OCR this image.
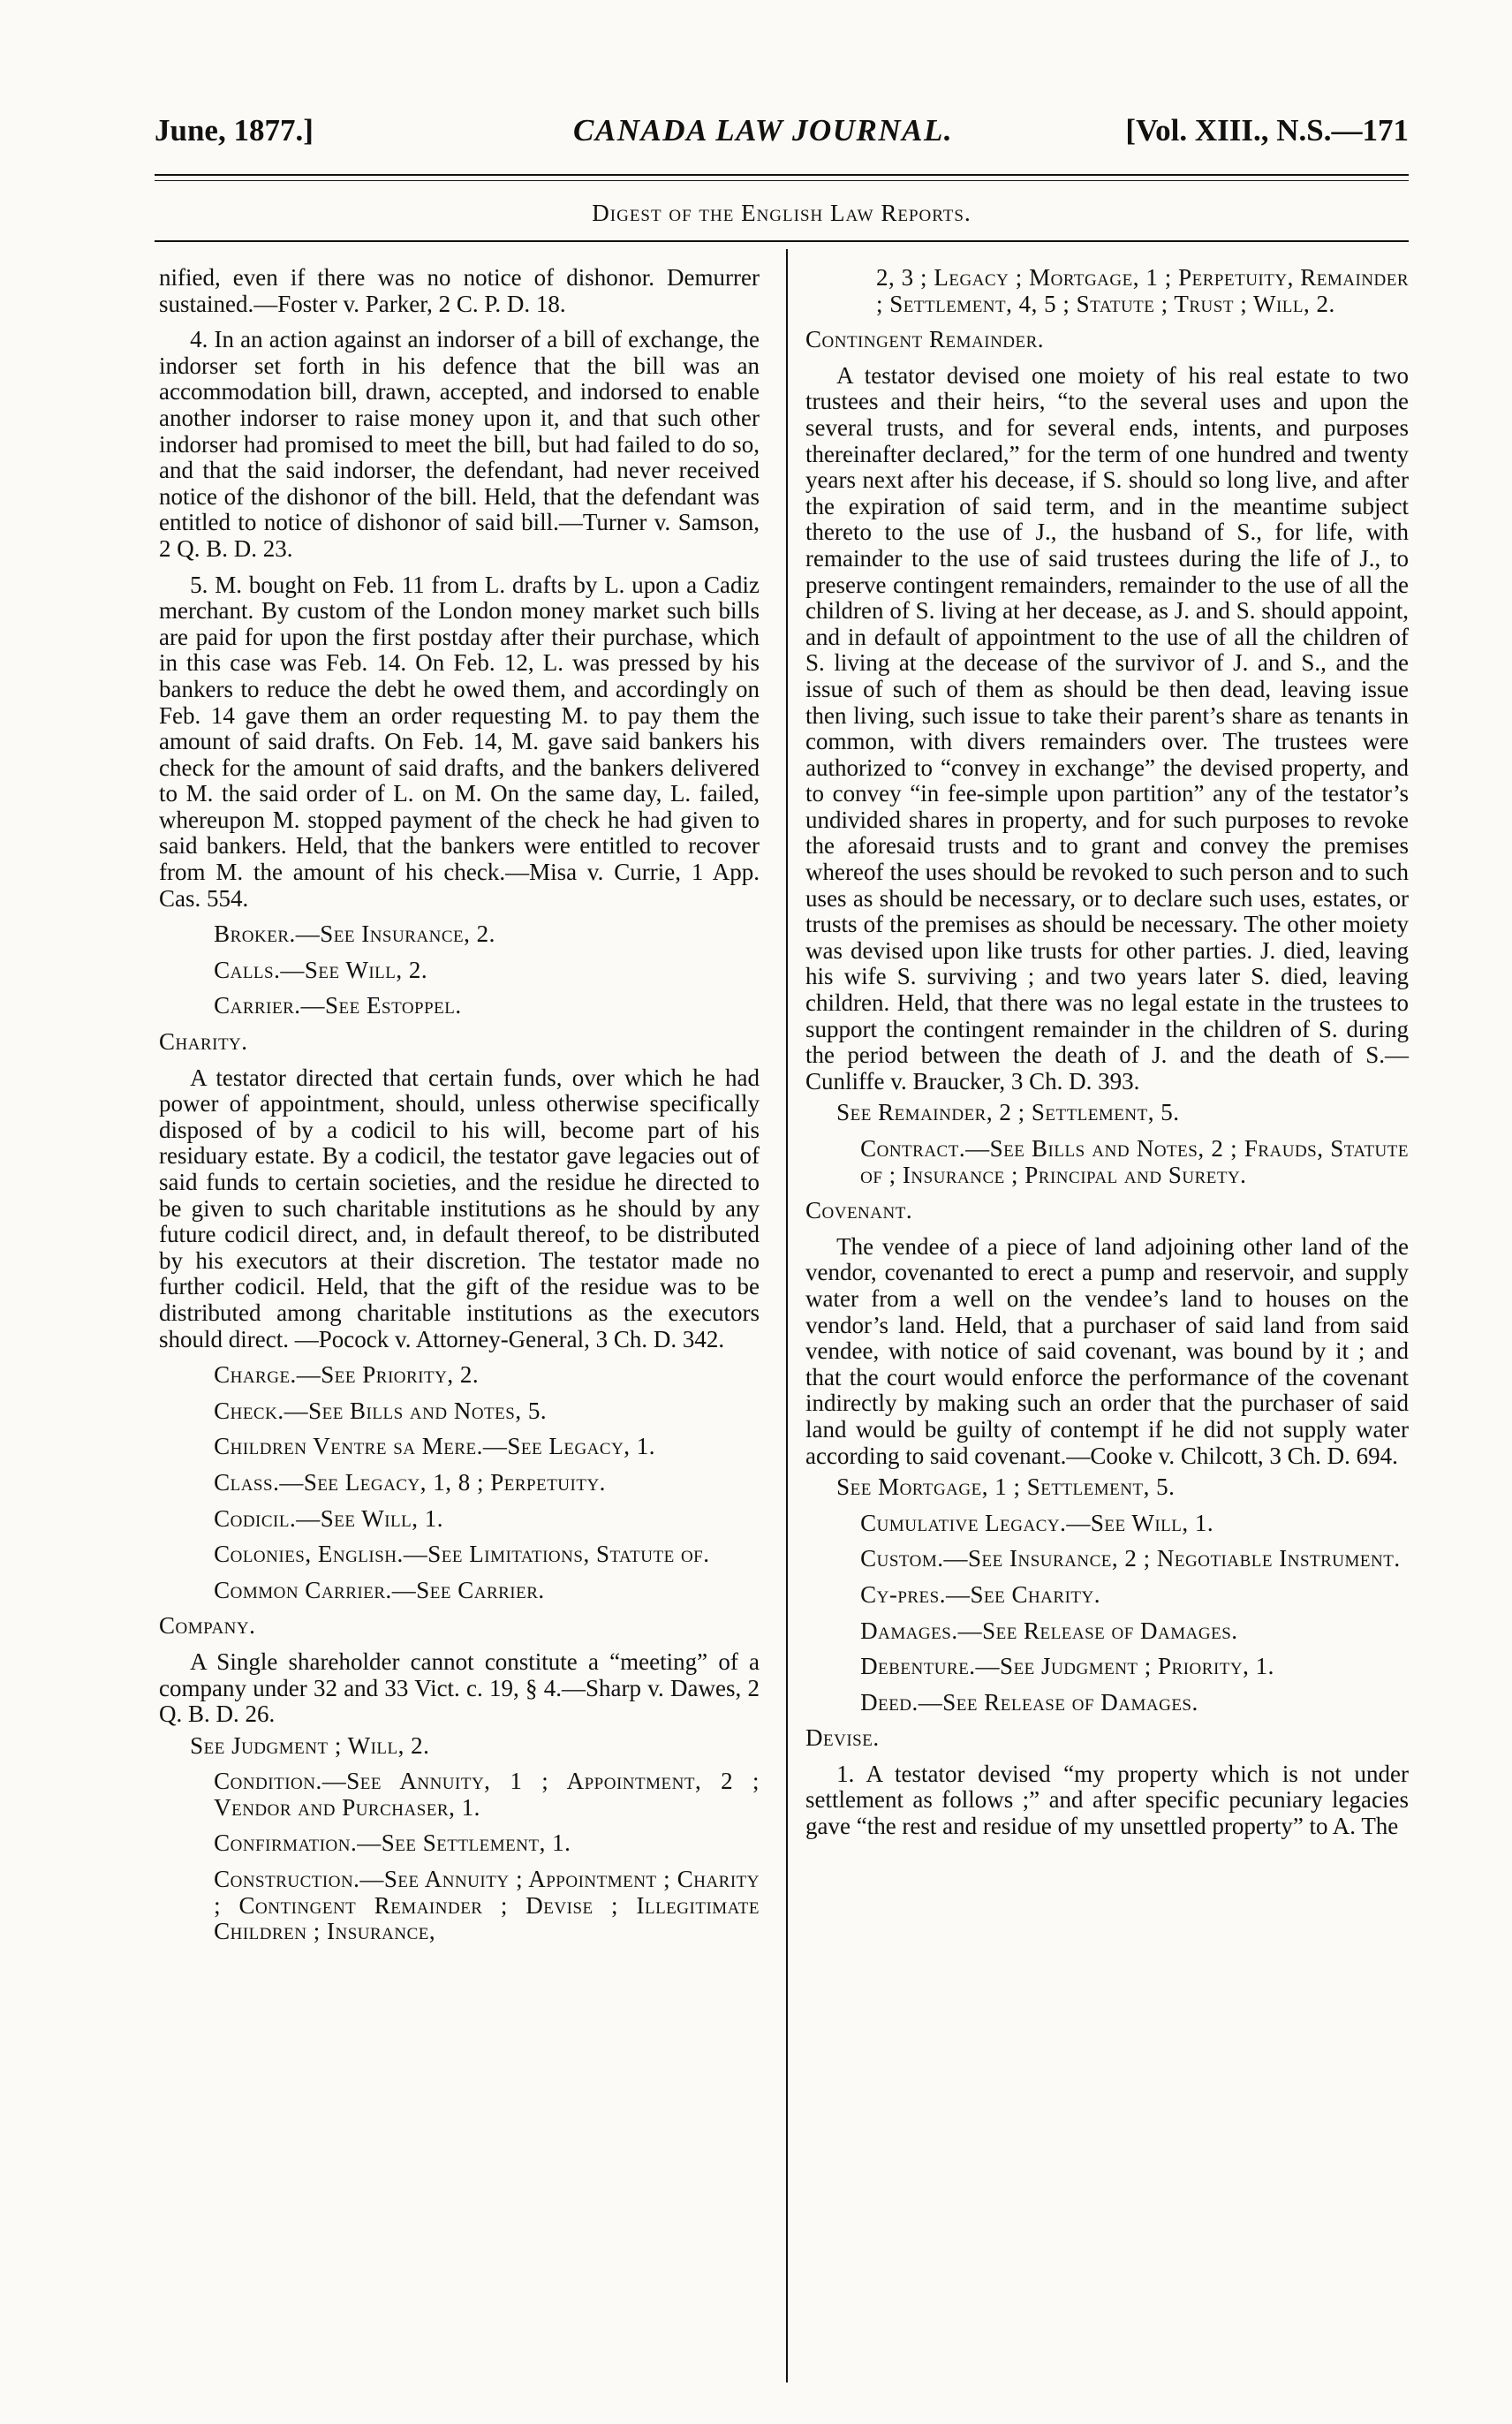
June, 1877.]	CANADA LAW JOURNAL.	[Vol. XIII., N.S.—171
Digest of the English Law Reports.

nified, even if there was no notice of dishonor. Demurrer sustained.—Foster v. Parker, 2 C. P. D. 18.

4. In an action against an indorser of a bill of exchange, the indorser set forth in his defence that the bill was an accommodation bill, drawn, accepted, and indorsed to enable another indorser to raise money upon it, and that such other indorser had promised to meet the bill, but had failed to do so, and that the said indorser, the defendant, had never received notice of the dishonor of the bill. Held, that the defendant was entitled to notice of dishonor of said bill.—Turner v. Samson, 2 Q. B. D. 23.

5. M. bought on Feb. 11 from L. drafts by L. upon a Cadiz merchant. By custom of the London money market such bills are paid for upon the first postday after their purchase, which in this case was Feb. 14. On Feb. 12, L. was pressed by his bankers to reduce the debt he owed them, and accordingly on Feb. 14 gave them an order requesting M. to pay them the amount of said drafts. On Feb. 14, M. gave said bankers his check for the amount of said drafts, and the bankers delivered to M. the said order of L. on M. On the same day, L. failed, whereupon M. stopped payment of the check he had given to said bankers. Held, that the bankers were entitled to recover from M. the amount of his check.—Misa v. Currie, 1 App. Cas. 554.

Broker.—See Insurance, 2.

Calls.—See Will, 2.

Carrier.—See Estoppel.

Charity.

A testator directed that certain funds, over which he had power of appointment, should, unless otherwise specifically disposed of by a codicil to his will, become part of his residuary estate. By a codicil, the testator gave legacies out of said funds to certain societies, and the residue he directed to be given to such charitable institutions as he should by any future codicil direct, and, in default thereof, to be distributed by his executors at their discretion. The testator made no further codicil. Held, that the gift of the residue was to be distributed among charitable institutions as the executors should direct. —Pocock v. Attorney-General, 3 Ch. D. 342.

Charge.—See Priority, 2.

Check.—See Bills and Notes, 5.

Children Ventre sa Mere.—See Legacy, 1.

Class.—See Legacy, 1, 8 ; Perpetuity.

Codicil.—See Will, 1.

Colonies, English.—See Limitations, Statute of.

Common Carrier.—See Carrier.

Company.

A Single shareholder cannot constitute a “meeting” of a company under 32 and 33 Vict. c. 19, § 4.—Sharp v. Dawes, 2 Q. B. D. 26.

See Judgment ; Will, 2.

Condition.—See Annuity, 1 ; Appointment, 2 ; Vendor and Purchaser, 1.

Confirmation.—See Settlement, 1.

Construction.—See Annuity ; Appointment ; Charity ; Contingent Remainder ; Devise ; Illegitimate Children ; Insurance,

2, 3 ; Legacy ; Mortgage, 1 ; Perpetuity, Remainder ; Settlement, 4, 5 ; Statute ; Trust ; Will, 2.

Contingent Remainder.

A testator devised one moiety of his real estate to two trustees and their heirs, “to the several uses and upon the several trusts, and for several ends, intents, and purposes thereinafter declared,” for the term of one hundred and twenty years next after his decease, if S. should so long live, and after the expiration of said term, and in the meantime subject thereto to the use of J., the husband of S., for life, with remainder to the use of said trustees during the life of J., to preserve contingent remainders, remainder to the use of all the children of S. living at her decease, as J. and S. should appoint, and in default of appointment to the use of all the children of S. living at the decease of the survivor of J. and S., and the issue of such of them as should be then dead, leaving issue then living, such issue to take their parent’s share as tenants in common, with divers remainders over. The trustees were authorized to “convey in exchange” the devised property, and to convey “in fee-simple upon partition” any of the testator’s undivided shares in property, and for such purposes to revoke the aforesaid trusts and to grant and convey the premises whereof the uses should be revoked to such person and to such uses as should be necessary, or to declare such uses, estates, or trusts of the premises as should be necessary. The other moiety was devised upon like trusts for other parties. J. died, leaving his wife S. surviving ; and two years later S. died, leaving children. Held, that there was no legal estate in the trustees to support the contingent remainder in the children of S. during the period between the death of J. and the death of S.—Cunliffe v. Braucker, 3 Ch. D. 393.

See Remainder, 2 ; Settlement, 5.

Contract.—See Bills and Notes, 2 ; Frauds, Statute of ; Insurance ; Principal and Surety.

Covenant.

The vendee of a piece of land adjoining other land of the vendor, covenanted to erect a pump and reservoir, and supply water from a well on the vendee’s land to houses on the vendor’s land. Held, that a purchaser of said land from said vendee, with notice of said covenant, was bound by it ; and that the court would enforce the performance of the covenant indirectly by making such an order that the purchaser of said land would be guilty of contempt if he did not supply water according to said covenant.—Cooke v. Chilcott, 3 Ch. D. 694.

See Mortgage, 1 ; Settlement, 5.

Cumulative Legacy.—See Will, 1.

Custom.—See Insurance, 2 ; Negotiable Instrument.

Cy-pres.—See Charity.

Damages.—See Release of Damages.

Debenture.—See Judgment ; Priority, 1.

Deed.—See Release of Damages.

Devise.

1. A testator devised “my property which is not under settlement as follows ;” and after specific pecuniary legacies gave “the rest and residue of my unsettled property” to A. The
